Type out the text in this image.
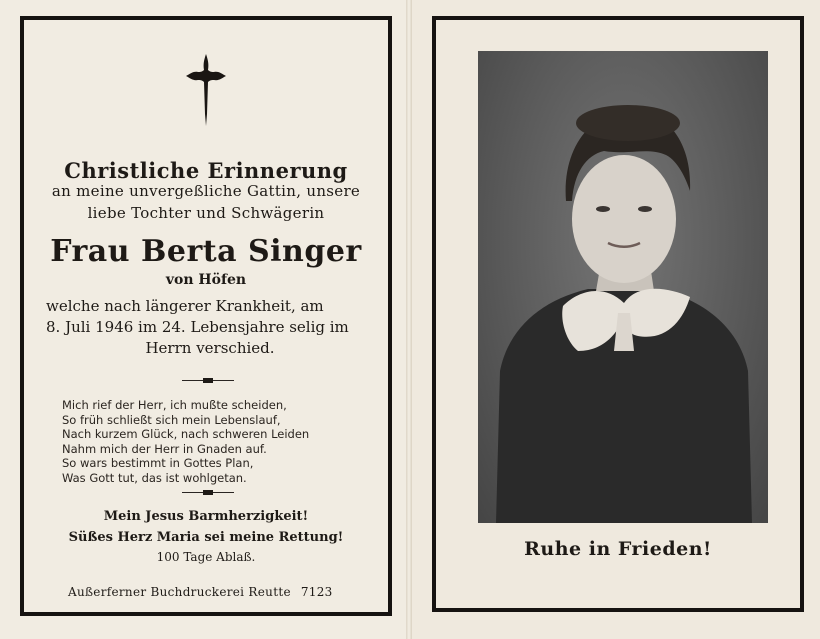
Christliche Erinnerung
an meine unvergeßliche Gattin, unsere
liebe Tochter und Schwägerin
Frau Berta Singer
von Höfen
welche nach längerer Krankheit, am
8. Juli 1946 im 24. Lebensjahre selig im
Herrn verschied.
Mich rief der Herr, ich mußte scheiden,
So früh schließt sich mein Lebenslauf,
Nach kurzem Glück, nach schweren Leiden
Nahm mich der Herr in Gnaden auf.
So wars bestimmt in Gottes Plan,
Was Gott tut, das ist wohlgetan.
Mein Jesus Barmherzigkeit!
Süßes Herz Maria sei meine Rettung!
100 Tage Ablaß.
Außerferner Buchdruckerei Reutte 7123
Ruhe in Frieden!
